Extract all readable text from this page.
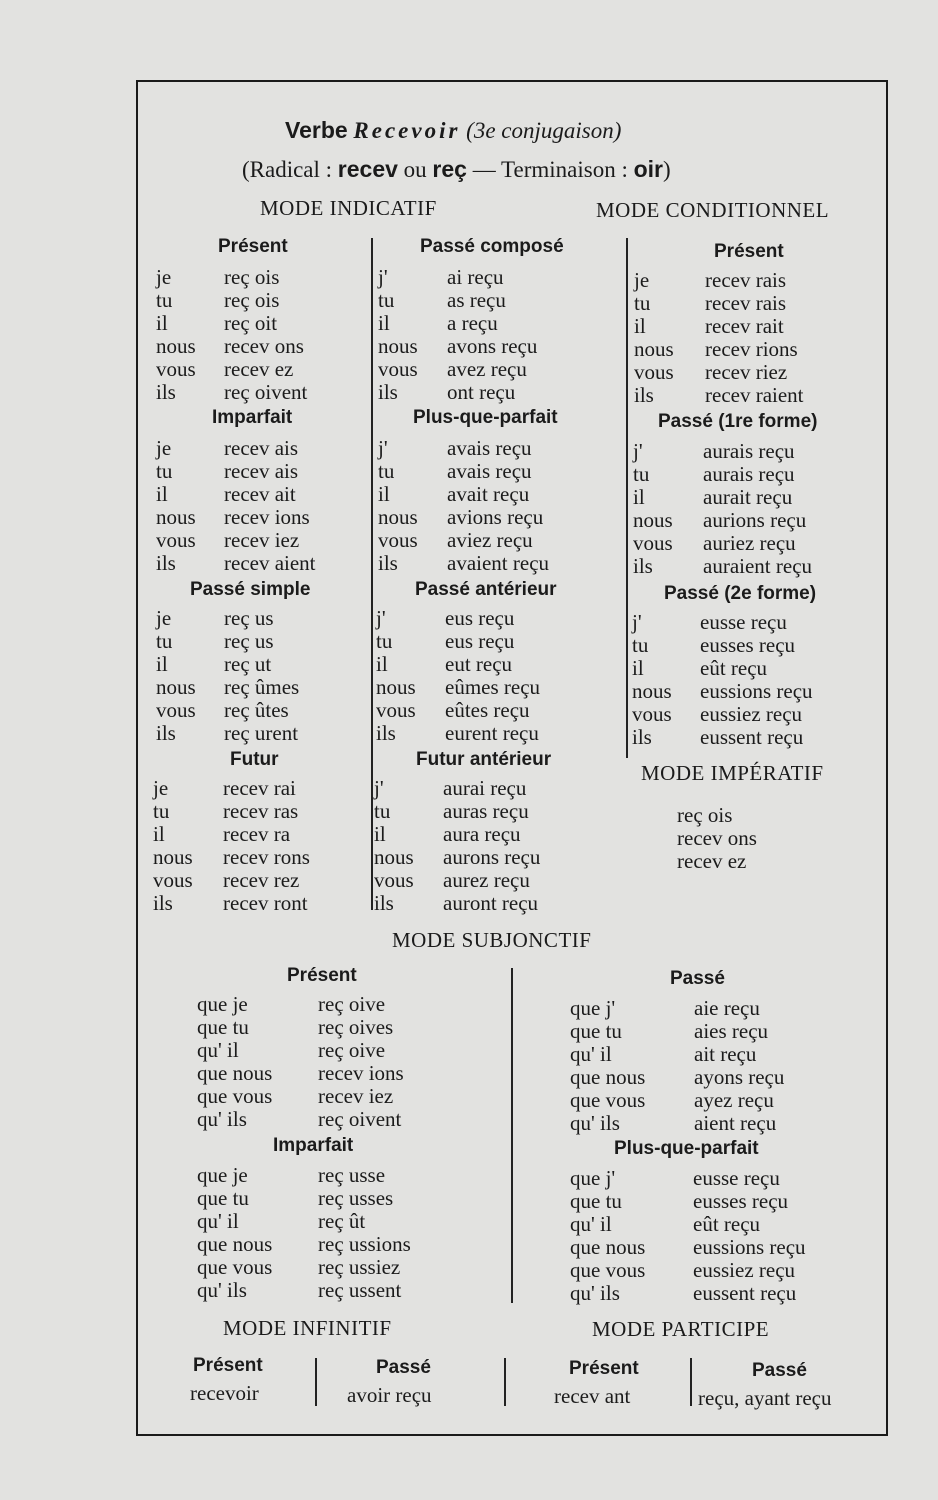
Verbe Recevoir (3e conjugaison)
(Radical : recev ou reç — Terminaison : oir)
MODE INDICATIF	MODE CONDITIONNEL
Présent
je	reç ois
tu reç ois
il	reç oit
nous recev ons
vous recev ez
ils reç oivent
Passé composé
j'	ai reçu
tu	as reçu
il	a reçu
nous avons reçu
vous avez reçu
ils ont reçu
Imparfait
je	recev ais
tu recev ais
il	recev ait
nous recev ions
vous recev iez
ils recev aient
Plus-que-parfait
j'	avais reçu
tu	avais reçu
il	avait reçu
nous avions reçu
vous aviez reçu
ils avaient reçu
Passé simple
je	reç us
tu reç us
il	reç ut
nous reç ûmes
vous reç ûtes
ils reç urent
Passé antérieur
j'	eus reçu
tu	eus reçu
il	eut reçu
nous eûmes reçu
vous eûtes reçu
ils eurent reçu
Futur
je	recev rai
tu	recev ras
il	recev ra
nous recev rons
vous recev rez
ils recev ront
Futur antérieur
j'	aurai reçu
tu	auras reçu
il	aura reçu
nous aurons reçu
vous aurez reçu
ils auront reçu
Présent
je	recev rais
tu	recev rais
il	recev rait
nous recev rions
vous recev riez
ils recev raient
Passé (1re forme)
j'	aurais reçu
tu	aurais reçu
il	aurait reçu
nous aurions reçu
vous auriez reçu
ils auraient reçu
Passé (2e forme)
j'	eusse reçu
tu eusses reçu
il	eût reçu
nous eussions reçu
vous eussiez reçu
ils eussent reçu
Présent
que je	reç oive
que tu	reç oives
qu' il	reç oive
que nous recev ions
que vous recev iez
qu' ils	reç oivent
Passé
que j'	aie reçu
que tu	aies reçu
qu' il	ait reçu
que nous ayons reçu
que vous ayez reçu
qu' ils	aient reçu
Imparfait
que je	reç usse
que tu	reç usses
qu' il	reç ût
que nous reç ussions
que vous reç ussiez
qu' ils	reç ussent
Plus-que-parfait
que j'	eusse reçu
que tu	eusses reçu
qu' il	eût reçu
que nous eussions reçu
que vous eussiez reçu
qu' ils	eussent reçu
MODE IMPÉRATIF
reç ois
recev ons
recev ez
MODE SUBJONCTIF
MODE INFINITIF	MODE PARTICIPE
Présent
recevoir
Passé
avoir reçu
Présent
recev ant
Passé
reçu, ayant reçu
